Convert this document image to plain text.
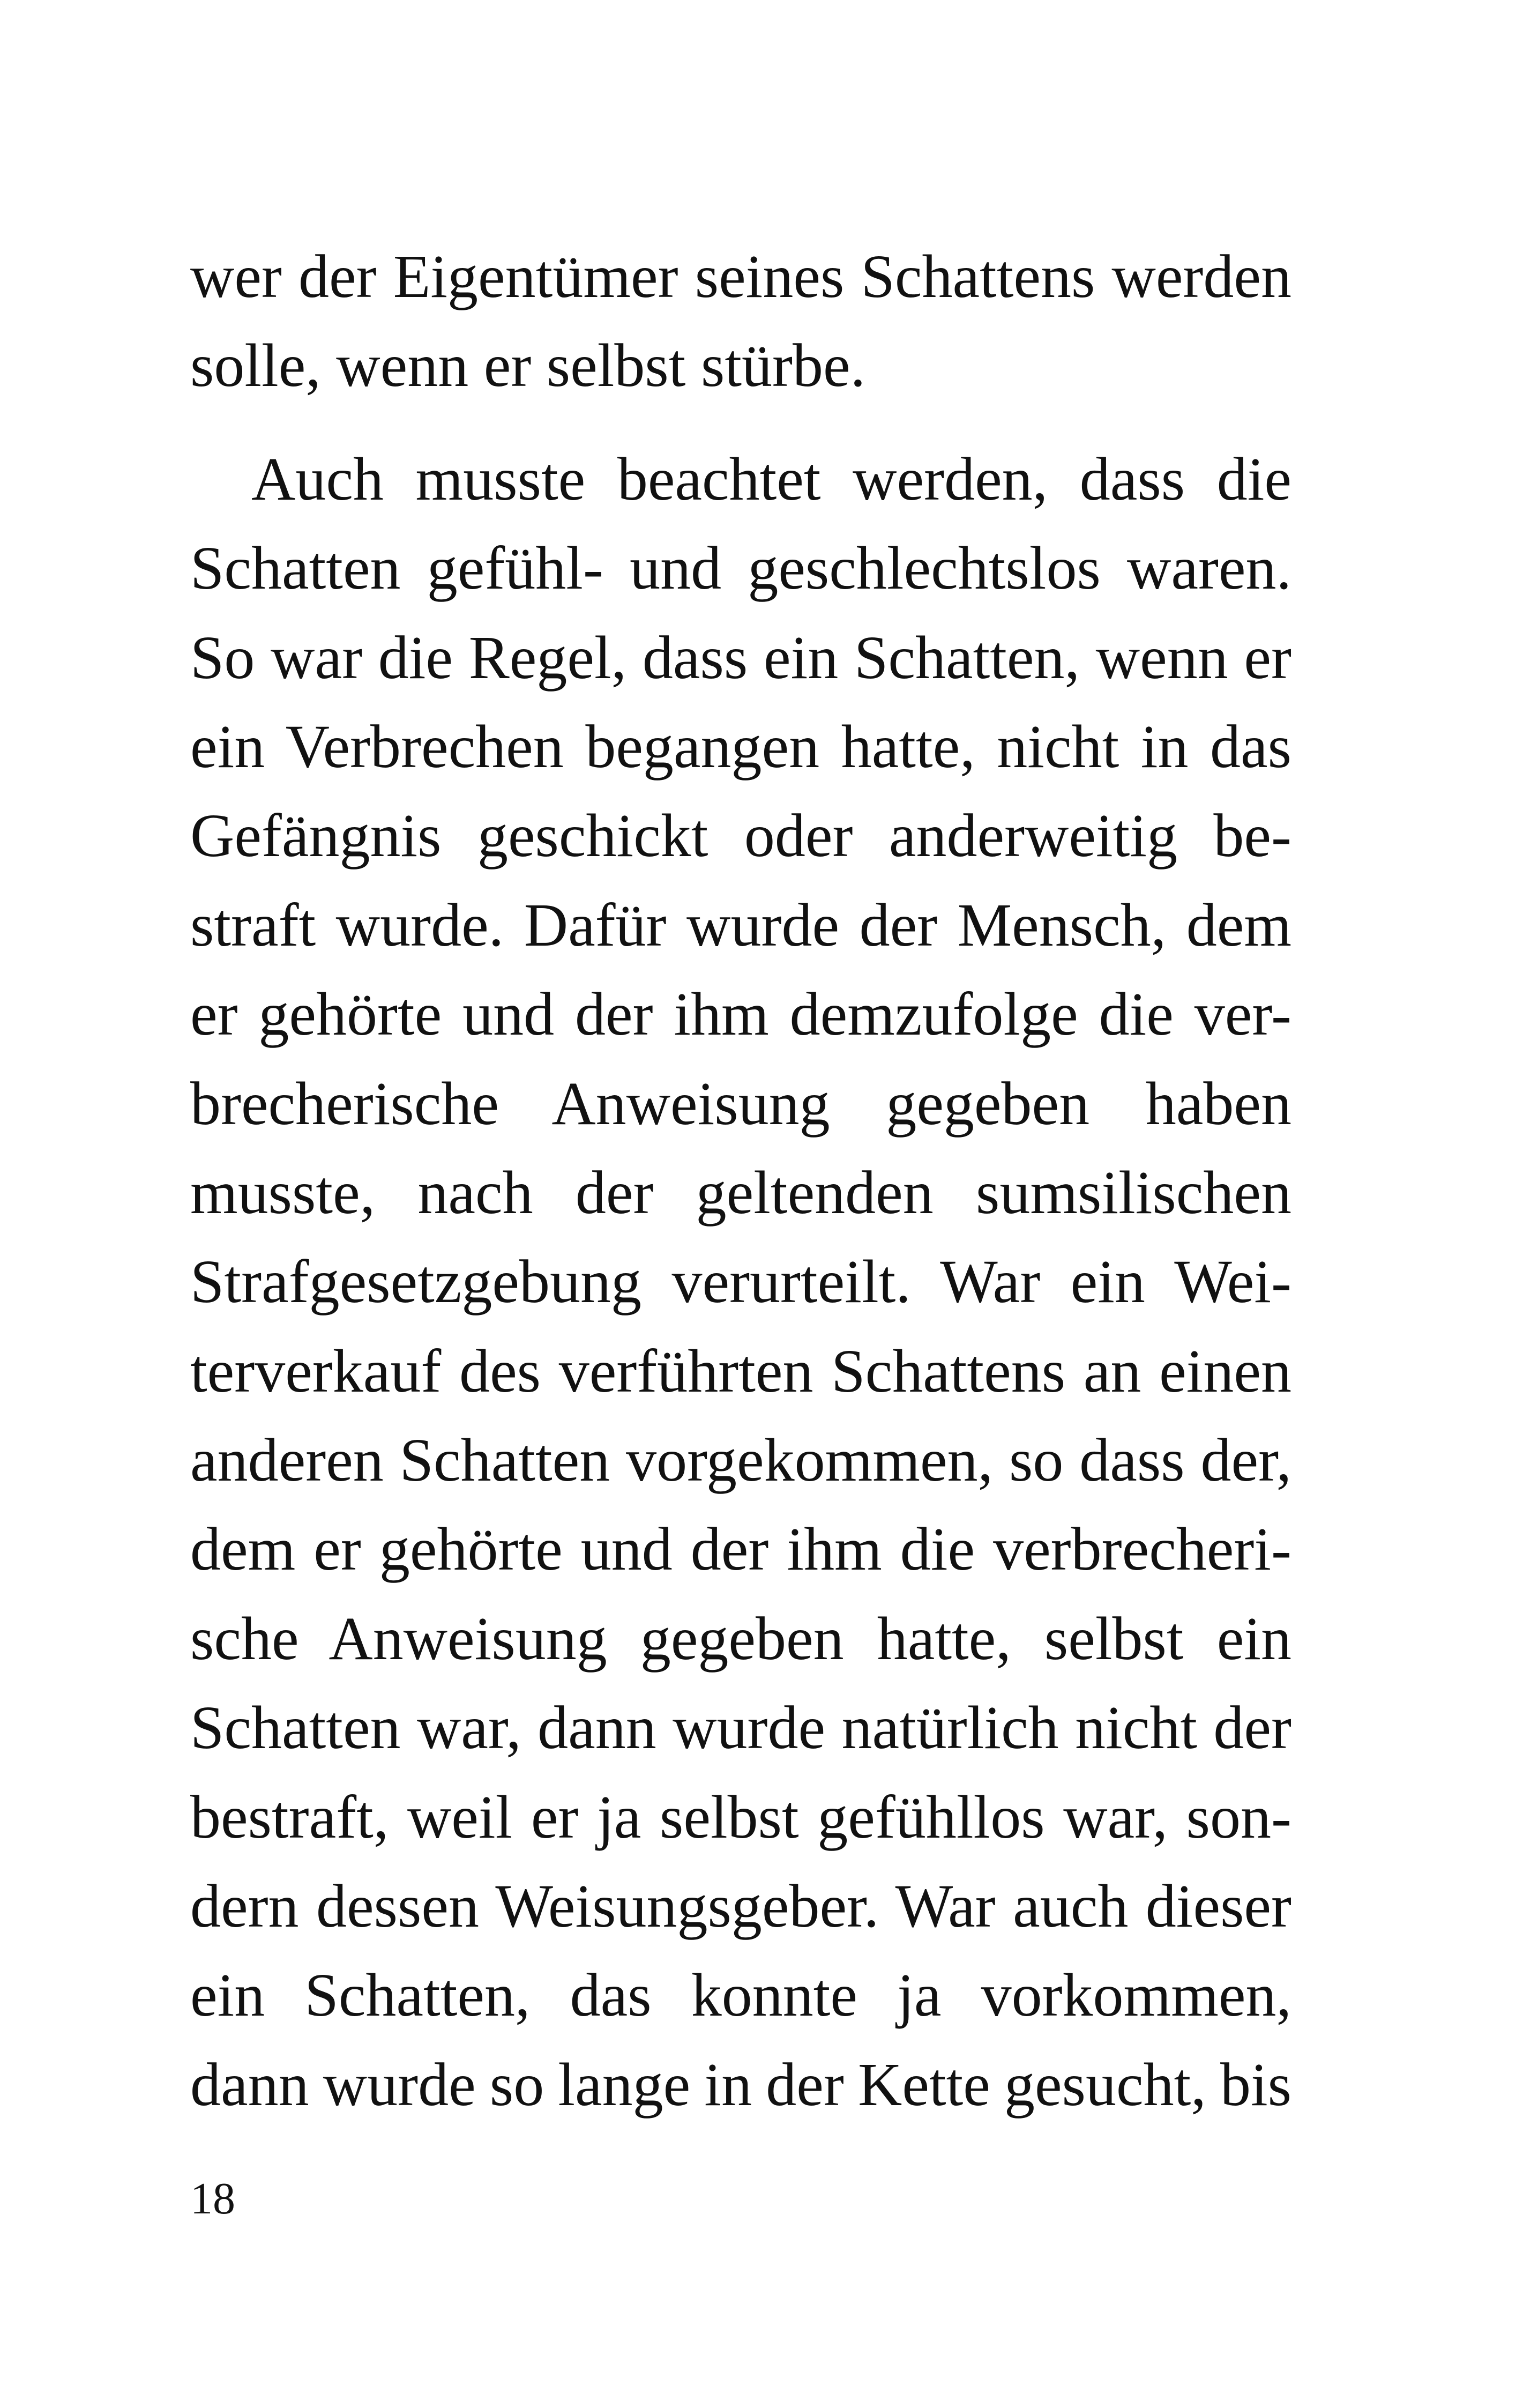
wer der Eigentümer seines Schattens werden
solle, wenn er selbst stürbe.
Auch musste beachtet werden, dass die
Schatten gefühl- und geschlechtslos waren.
So war die Regel, dass ein Schatten, wenn er
ein Verbrechen begangen hatte, nicht in das
Gefängnis geschickt oder anderweitig be-
straft wurde. Dafür wurde der Mensch, dem
er gehörte und der ihm demzufolge die ver-
brecherische Anweisung gegeben haben
musste, nach der geltenden sumsilischen
Strafgesetzgebung verurteilt. War ein Wei-
terverkauf des verführten Schattens an einen
anderen Schatten vorgekommen, so dass der,
dem er gehörte und der ihm die verbrecheri-
sche Anweisung gegeben hatte, selbst ein
Schatten war, dann wurde natürlich nicht der
bestraft, weil er ja selbst gefühllos war, son-
dern dessen Weisungsgeber. War auch dieser
ein Schatten, das konnte ja vorkommen,
dann wurde so lange in der Kette gesucht, bis
18
